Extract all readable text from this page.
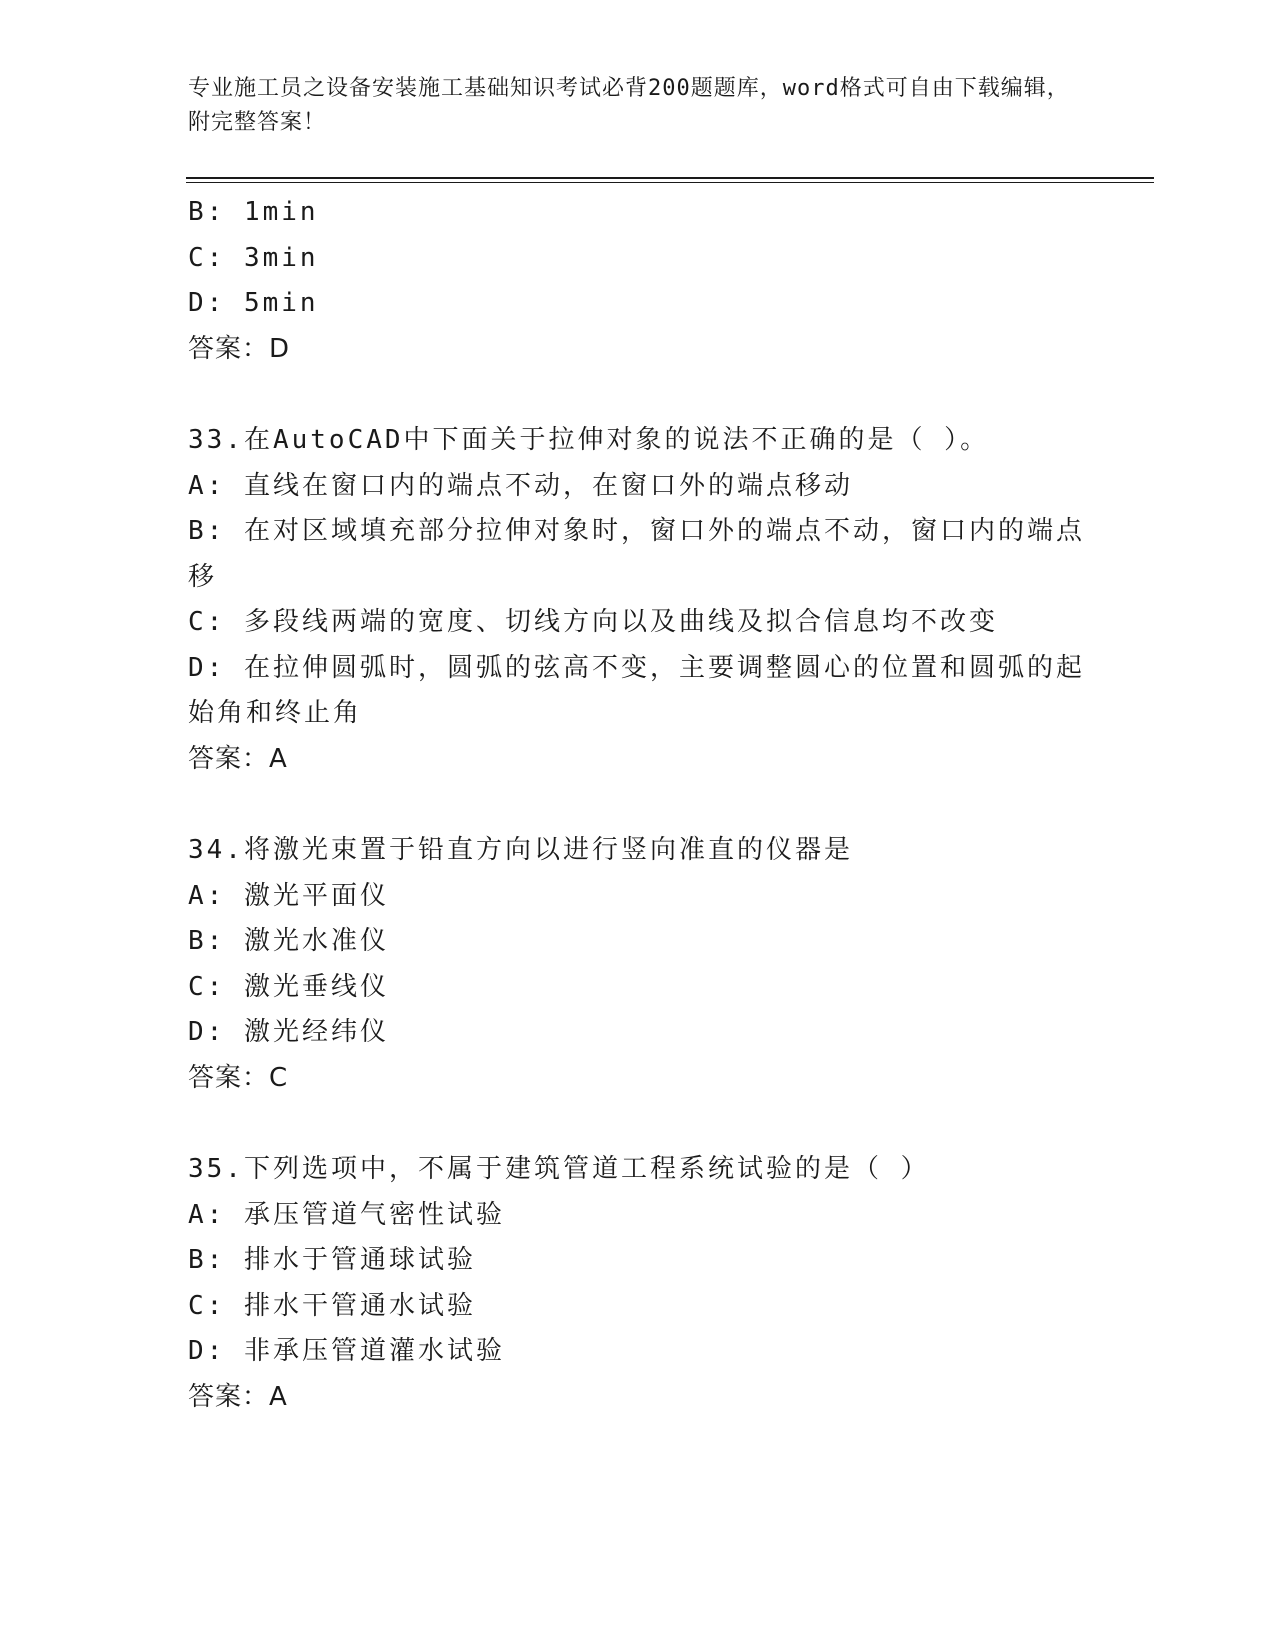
专业施工员之设备安装施工基础知识考试必背200题题库，word格式可自由下载编辑，附完整答案！
B: 1min
C: 3min
D: 5min
答案：D
33.在AutoCAD中下面关于拉伸对象的说法不正确的是（ ）。
A: 直线在窗口内的端点不动，在窗口外的端点移动
B: 在对区域填充部分拉伸对象时，窗口外的端点不动，窗口内的端点移
C: 多段线两端的宽度、切线方向以及曲线及拟合信息均不改变
D: 在拉伸圆弧时，圆弧的弦高不变，主要调整圆心的位置和圆弧的起始角和终止角
答案：A
34.将激光束置于铅直方向以进行竖向准直的仪器是
A: 激光平面仪
B: 激光水准仪
C: 激光垂线仪
D: 激光经纬仪
答案：C
35.下列选项中，不属于建筑管道工程系统试验的是（ ）
A: 承压管道气密性试验
B: 排水于管通球试验
C: 排水干管通水试验
D: 非承压管道灌水试验
答案：A
